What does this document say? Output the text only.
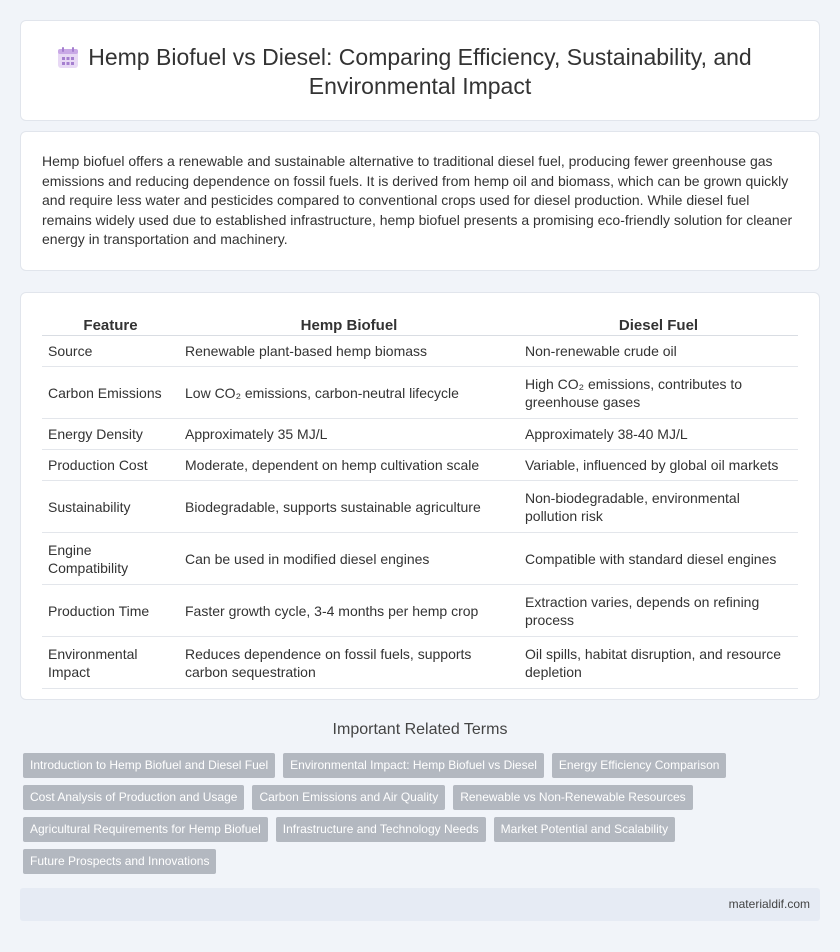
Hemp Biofuel vs Diesel: Comparing Efficiency, Sustainability, and Environmental Impact

Hemp biofuel offers a renewable and sustainable alternative to traditional diesel fuel, producing fewer greenhouse gas emissions and reducing dependence on fossil fuels. It is derived from hemp oil and biomass, which can be grown quickly and require less water and pesticides compared to conventional crops used for diesel production. While diesel fuel remains widely used due to established infrastructure, hemp biofuel presents a promising eco-friendly solution for cleaner energy in transportation and machinery.

Feature	Hemp Biofuel	Diesel Fuel
Source	Renewable plant-based hemp biomass	Non-renewable crude oil
Carbon Emissions	Low CO₂ emissions, carbon-neutral lifecycle	High CO₂ emissions, contributes to greenhouse gases
Energy Density	Approximately 35 MJ/L	Approximately 38-40 MJ/L
Production Cost	Moderate, dependent on hemp cultivation scale	Variable, influenced by global oil markets
Sustainability	Biodegradable, supports sustainable agriculture	Non-biodegradable, environmental pollution risk
Engine Compatibility	Can be used in modified diesel engines	Compatible with standard diesel engines
Production Time	Faster growth cycle, 3-4 months per hemp crop	Extraction varies, depends on refining process
Environmental Impact	Reduces dependence on fossil fuels, supports carbon sequestration	Oil spills, habitat disruption, and resource depletion
Important Related Terms
Introduction to Hemp Biofuel and Diesel Fuel	Environmental Impact: Hemp Biofuel vs Diesel	Energy Efficiency Comparison
Cost Analysis of Production and Usage	Carbon Emissions and Air Quality	Renewable vs Non-Renewable Resources
Agricultural Requirements for Hemp Biofuel	Infrastructure and Technology Needs	Market Potential and Scalability
Future Prospects and Innovations
materialdif.com
